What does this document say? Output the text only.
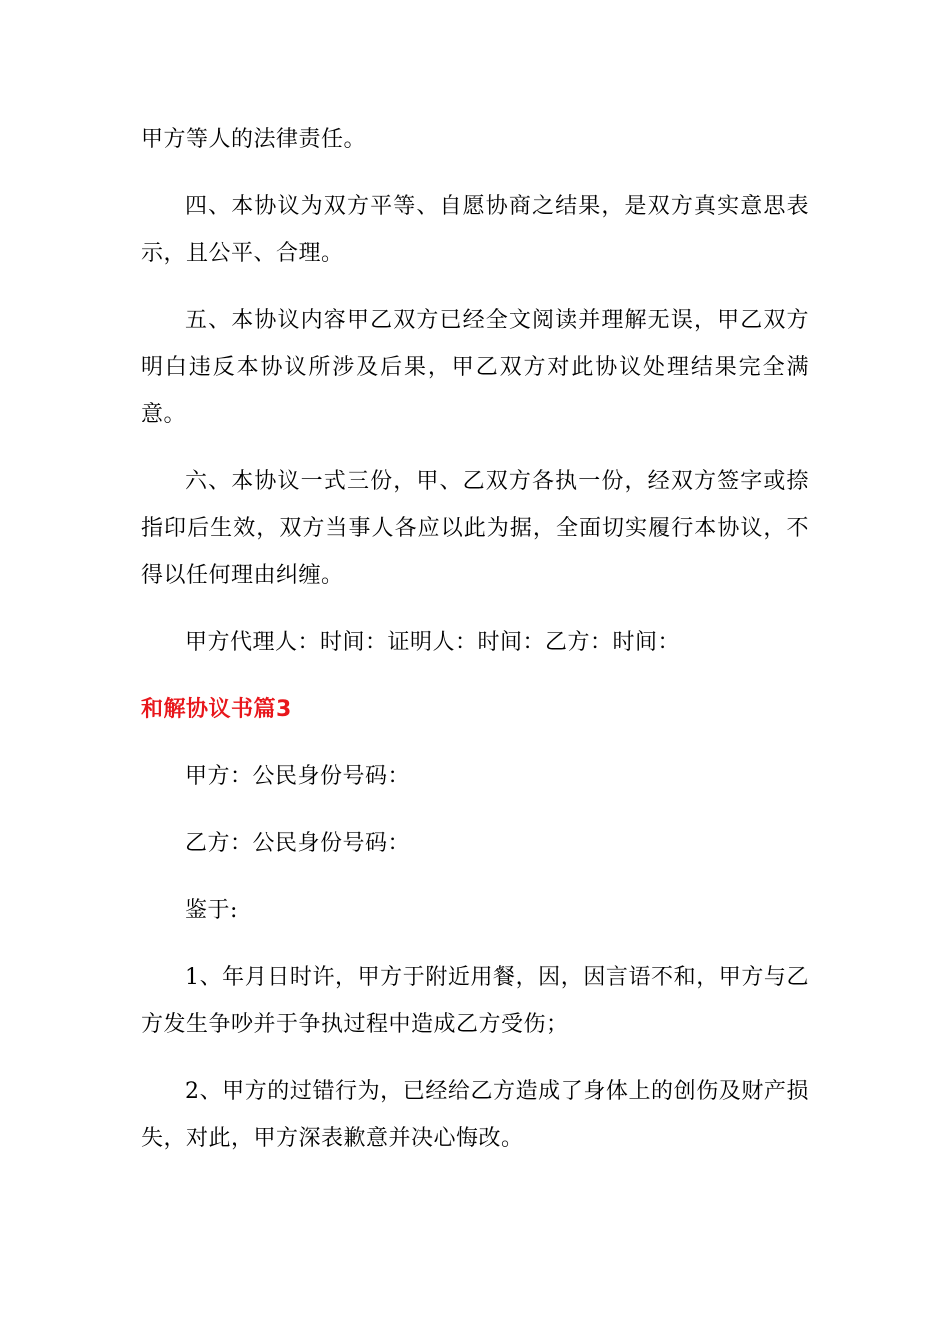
甲方等人的法律责任。

四、本协议为双方平等、自愿协商之结果，是双方真实意思表示，且公平、合理。

五、本协议内容甲乙双方已经全文阅读并理解无误，甲乙双方明白违反本协议所涉及后果，甲乙双方对此协议处理结果完全满意。

六、本协议一式三份，甲、乙双方各执一份，经双方签字或捺指印后生效，双方当事人各应以此为据，全面切实履行本协议，不得以任何理由纠缠。

甲方代理人：时间：证明人：时间：乙方：时间：

和解协议书篇3

甲方：公民身份号码：

乙方：公民身份号码：

鉴于:

1、年月日时许，甲方于附近用餐，因，因言语不和，甲方与乙方发生争吵并于争执过程中造成乙方受伤；

2、甲方的过错行为，已经给乙方造成了身体上的创伤及财产损失，对此，甲方深表歉意并决心悔改。
